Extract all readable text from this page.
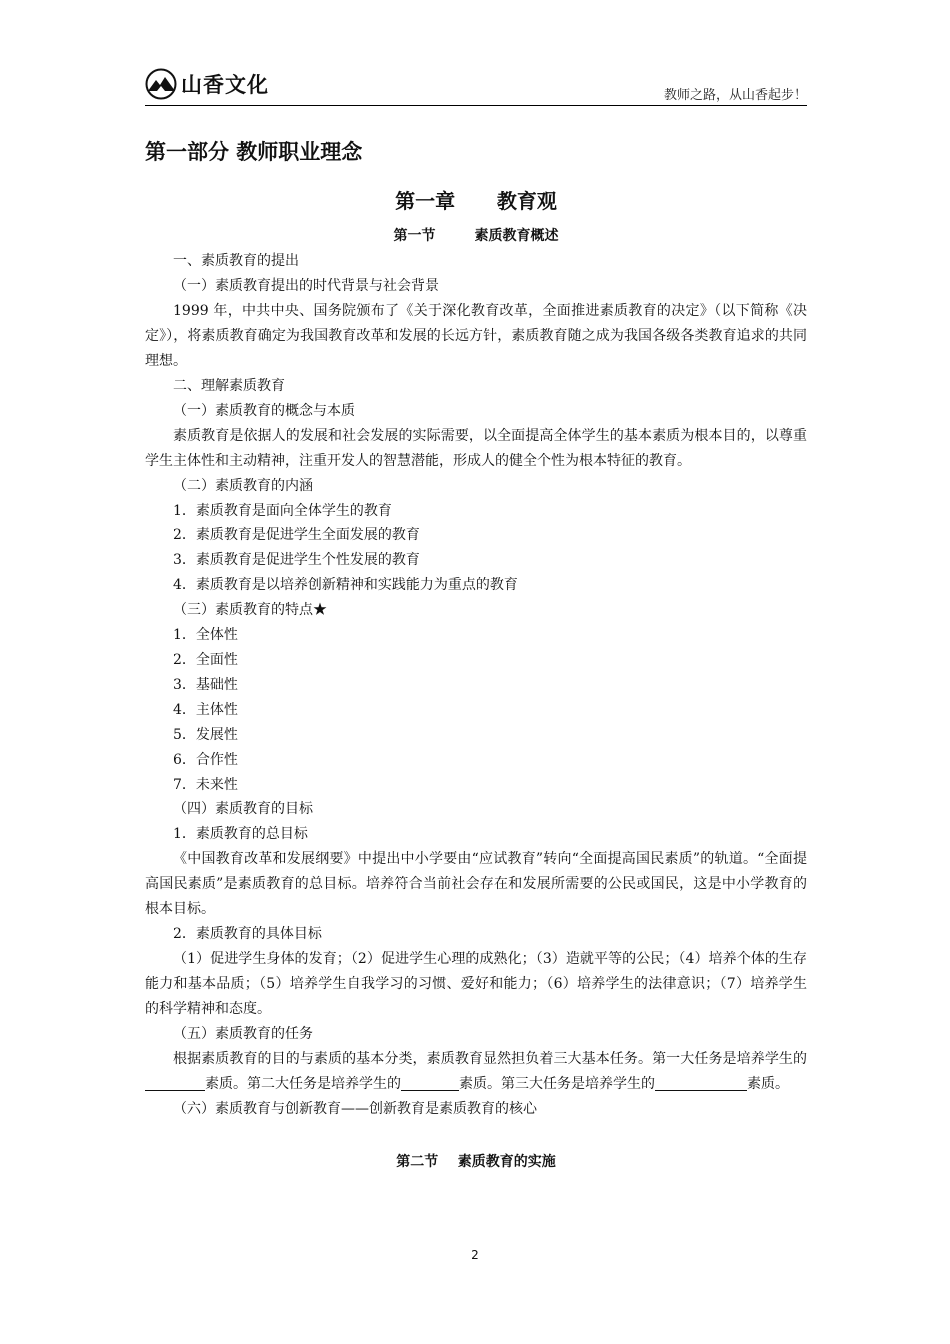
山香文化	教师之路，从山香起步！
第一部分 教师职业理念
第一章      教育观
第一节        素质教育概述

一、素质教育的提出

（一）素质教育提出的时代背景与社会背景

1999 年，中共中央、国务院颁布了《关于深化教育改革，全面推进素质教育的决定》（以下简称《决定》），将素质教育确定为我国教育改革和发展的长远方针，素质教育随之成为我国各级各类教育追求的共同理想。

二、理解素质教育

（一）素质教育的概念与本质

素质教育是依据人的发展和社会发展的实际需要，以全面提高全体学生的基本素质为根本目的，以尊重学生主体性和主动精神，注重开发人的智慧潜能，形成人的健全个性为根本特征的教育。

（二）素质教育的内涵

1．素质教育是面向全体学生的教育

2．素质教育是促进学生全面发展的教育

3．素质教育是促进学生个性发展的教育

4．素质教育是以培养创新精神和实践能力为重点的教育

（三）素质教育的特点★

1．全体性

2．全面性

3．基础性

4．主体性

5．发展性

6．合作性

7．未来性

（四）素质教育的目标

1．素质教育的总目标

《中国教育改革和发展纲要》中提出中小学要由“应试教育”转向“全面提高国民素质”的轨道。“全面提高国民素质”是素质教育的总目标。培养符合当前社会存在和发展所需要的公民或国民，这是中小学教育的根本目标。

2．素质教育的具体目标

（1）促进学生身体的发育；（2）促进学生心理的成熟化；（3）造就平等的公民；（4）培养个体的生存能力和基本品质；（5）培养学生自我学习的习惯、爱好和能力；（6）培养学生的法律意识；（7）培养学生的科学精神和态度。

（五）素质教育的任务

根据素质教育的目的与素质的基本分类，素质教育显然担负着三大基本任务。第一大任务是培养学生的素质。第二大任务是培养学生的	素质。第三大任务是培养学生的	素质。

（六）素质教育与创新教育——创新教育是素质教育的核心

第二节    素质教育的实施
2
